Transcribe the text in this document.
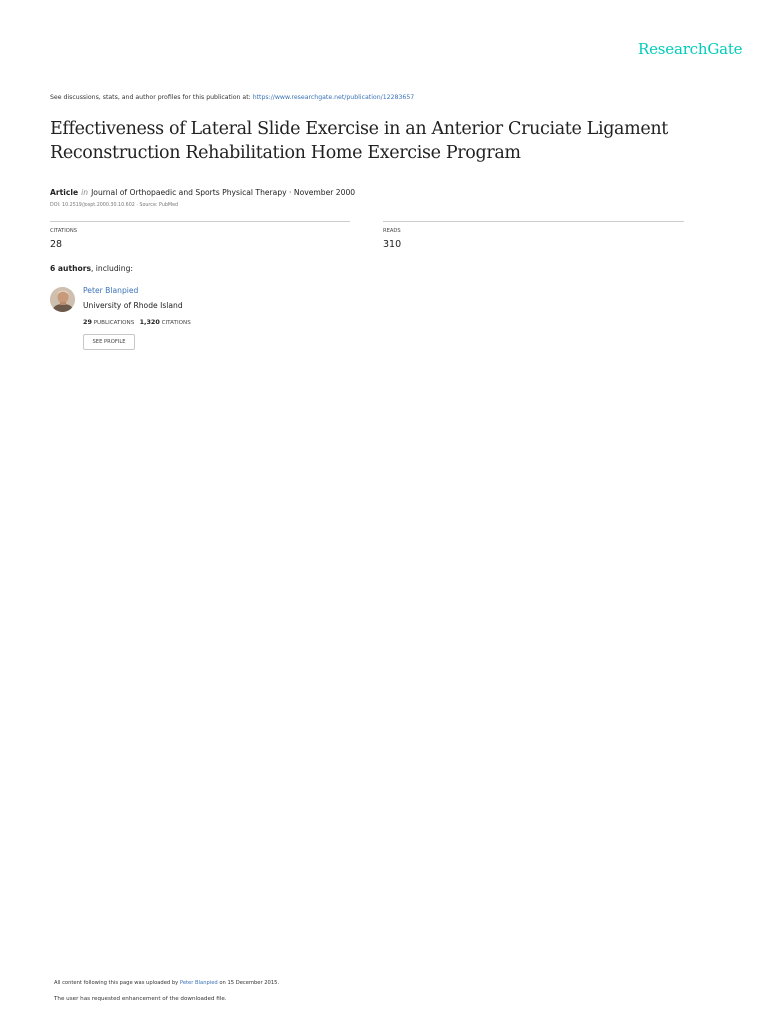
ResearchGate
See discussions, stats, and author profiles for this publication at: https://www.researchgate.net/publication/12283657
Effectiveness of Lateral Slide Exercise in an Anterior Cruciate Ligament Reconstruction Rehabilitation Home Exercise Program
Article in Journal of Orthopaedic and Sports Physical Therapy · November 2000
DOI: 10.2519/jospt.2000.30.10.602 · Source: PubMed
CITATIONS
28
READS
310
6 authors, including:
Peter Blanpied
University of Rhode Island
29 PUBLICATIONS 1,320 CITATIONS
SEE PROFILE
All content following this page was uploaded by Peter Blanpied on 15 December 2015.
The user has requested enhancement of the downloaded file.
